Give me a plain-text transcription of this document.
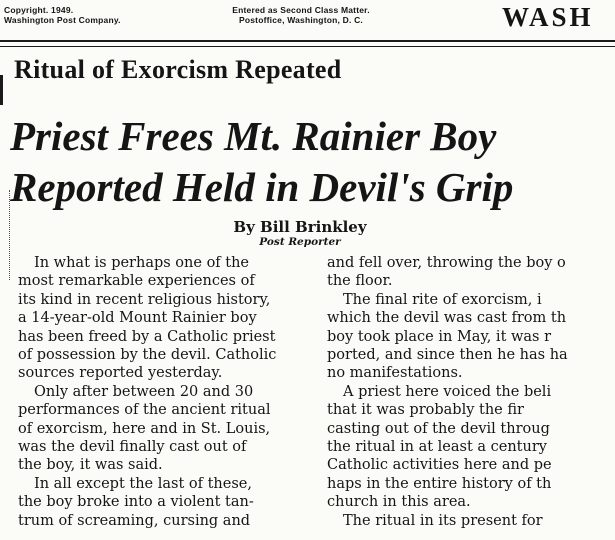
Copyright. 1949.
Washington Post Company.
Entered as Second Class Matter.
Postoffice, Washington, D. C.	WASH
Ritual of Exorcism Repeated
Priest Frees Mt. Rainier Boy
Reported Held in Devil's Grip
By Bill Brinkley
Post Reporter
In what is perhaps one of the
most remarkable experiences of
its kind in recent religious history,
a 14-year-old Mount Rainier boy
has been freed by a Catholic priest
of possession by the devil. Catholic
sources reported yesterday.
Only after between 20 and 30
performances of the ancient ritual
of exorcism, here and in St. Louis,
was the devil finally cast out of
the boy, it was said.
In all except the last of these,
the boy broke into a violent tan-
trum of screaming, cursing and
and fell over, throwing the boy o
the floor.
The final rite of exorcism, i
which the devil was cast from th
boy took place in May, it was r
ported, and since then he has ha
no manifestations.
A priest here voiced the beli
that it was probably the fir
casting out of the devil throug
the ritual in at least a century
Catholic activities here and pe
haps in the entire history of th
church in this area.
The ritual in its present for
